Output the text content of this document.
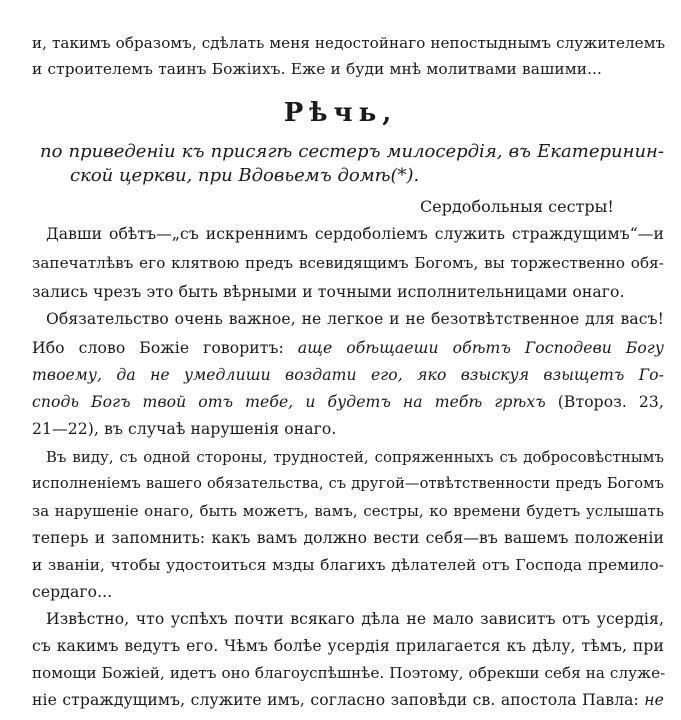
и, такимъ образомъ, сдѣлать меня недостойнаго непостыднымъ служителемъ
и строителемъ таинъ Божіихъ. Еже и буди мнѣ молитвами вашими...
Рѣчь,
по приведеніи къ присягѣ сестеръ милосердія, въ Екатеринин-
ской церкви, при Вдовьемъ домѣ(*).
Сердобольныя сестры!
Давши обѣтъ—„съ искреннимъ сердоболіемъ служить страждущимъ“—и
запечатлѣвъ его клятвою предъ всевидящимъ Богомъ, вы торжественно обя-
зались чрезъ это быть вѣрными и точными исполнительницами онаго.
Обязательство очень важное, не легкое и не безотвѣтственное для васъ!
Ибо слово Божіе говоритъ: аще обѣщаеши обѣтъ Господеви Богу
твоему, да не умедлиши воздати его, яко взыскуя взыщетъ Го-
сподь Богъ твой отъ тебе, и будетъ на тебѣ грѣхъ (Второз. 23,
21—22), въ случаѣ нарушенія онаго.
Въ виду, съ одной стороны, трудностей, сопряженныхъ съ добросовѣстнымъ
исполненіемъ вашего обязательства, съ другой—отвѣтственности предъ Богомъ
за нарушеніе онаго, быть можетъ, вамъ, сестры, ко времени будетъ услышать
теперь и запомнить: какъ вамъ должно вести себя—въ вашемъ положеніи
и званіи, чтобы удостоиться мзды благихъ дѣлателей отъ Господа премило-
сердаго...
Извѣстно, что успѣхъ почти всякаго дѣла не мало зависитъ отъ усердія,
съ какимъ ведутъ его. Чѣмъ болѣе усердія прилагается къ дѣлу, тѣмъ, при
помощи Божіей, идетъ оно благоуспѣшнѣе. Поэтому, обрекши себя на служе-
ніе страждущимъ, служите имъ, согласно заповѣди св. апостола Павла: не
